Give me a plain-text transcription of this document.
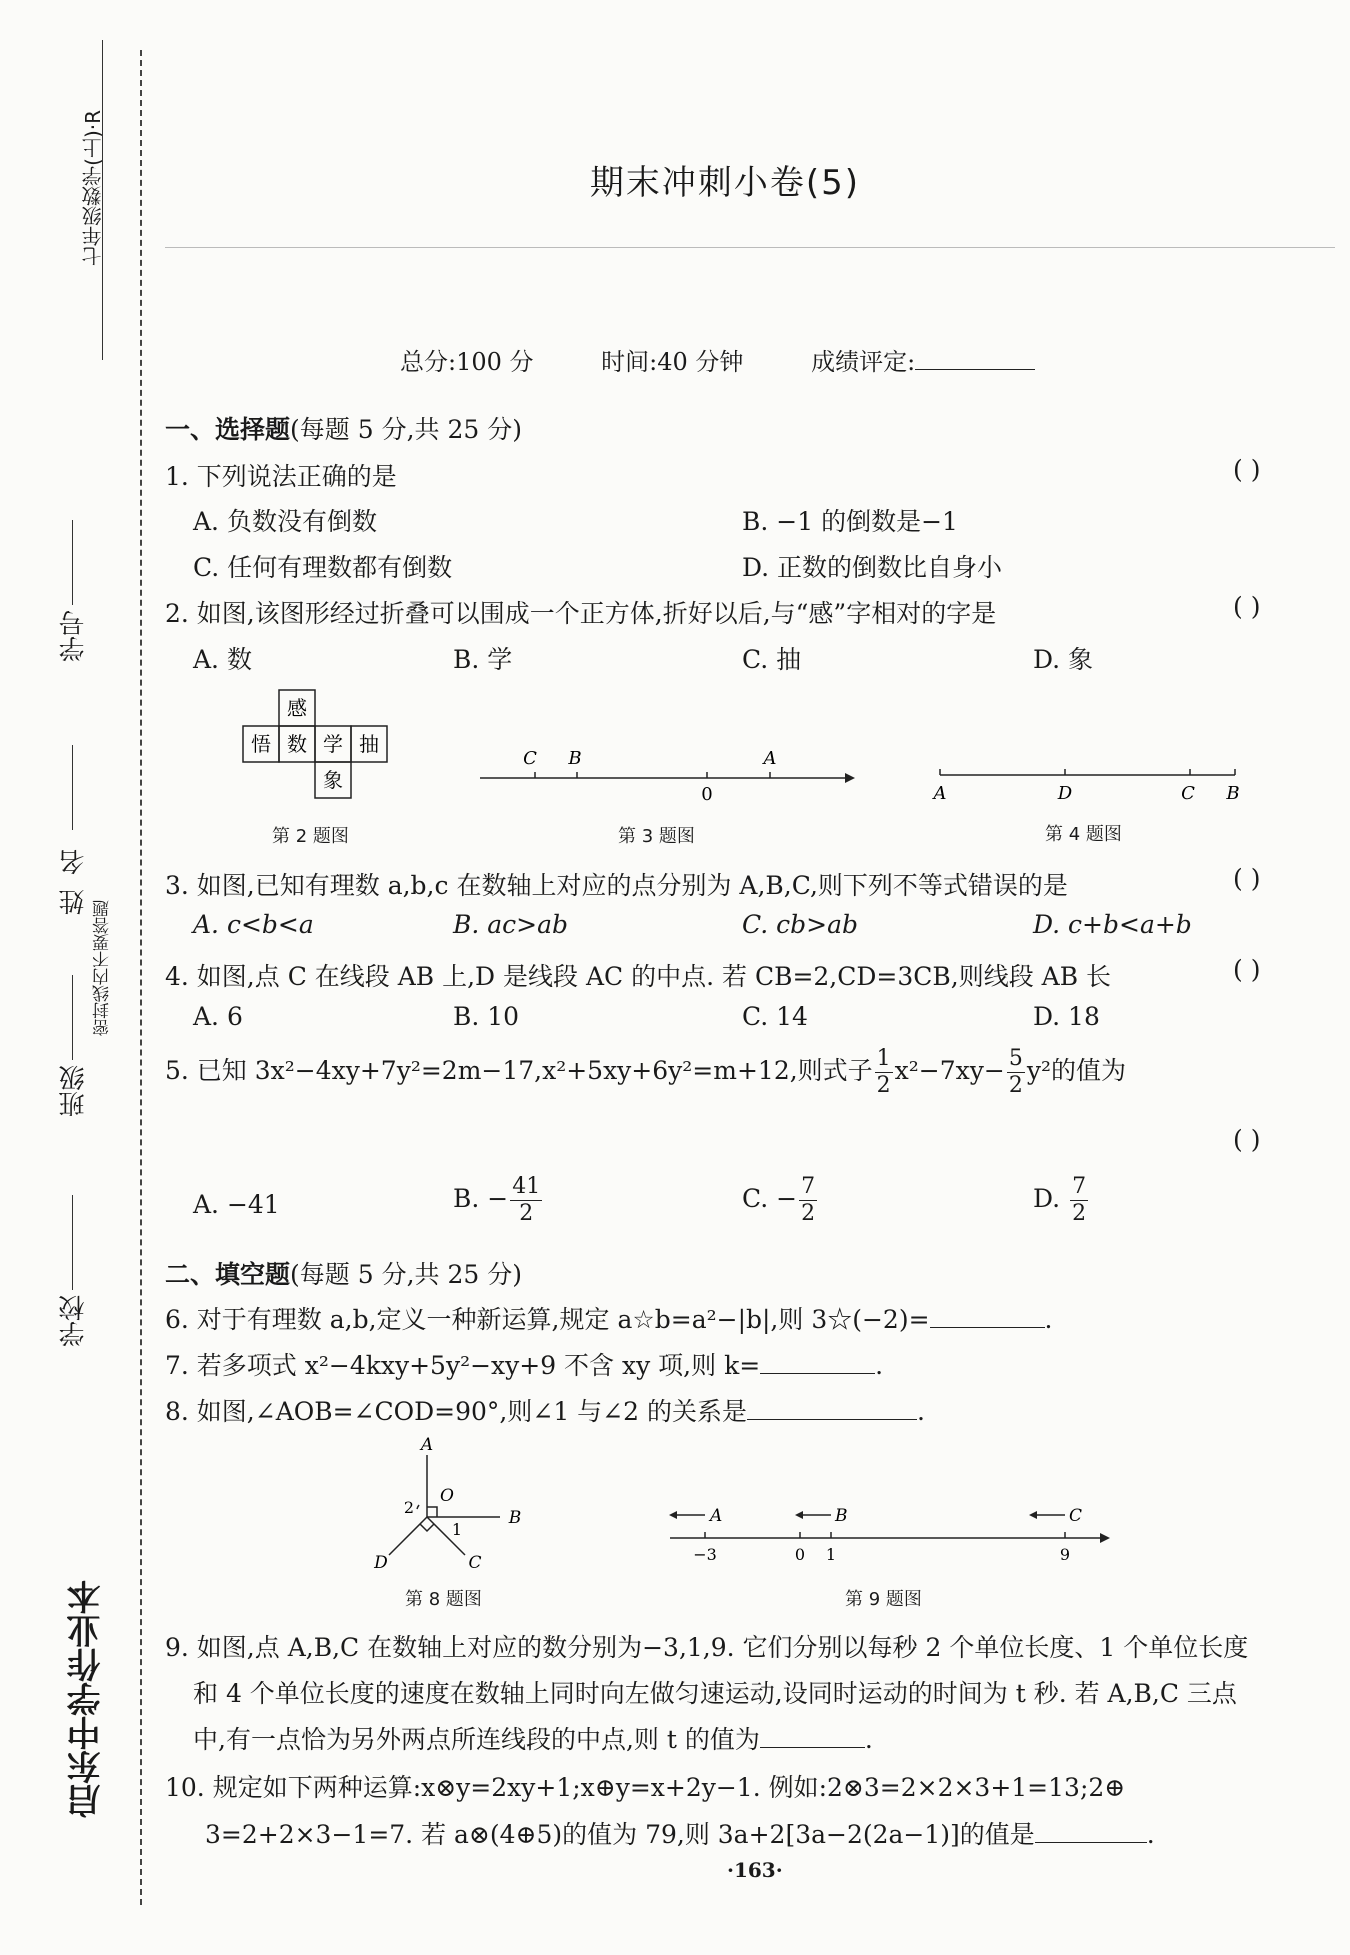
七年级数学(上)·R
学号
姓名
密封线内不要答题
班级
学校
启东中学作业本
期末冲刺小卷(5)
总分:100 分	时间:40 分钟	成绩评定:
一、选择题(每题 5 分,共 25 分)
1. 下列说法正确的是	( )
A. 负数没有倒数	B. −1 的倒数是−1
C. 任何有理数都有倒数	D. 正数的倒数比自身小
2. 如图,该图形经过折叠可以围成一个正方体,折好以后,与“感”字相对的字是	( )
A. 数	B. 学	C. 抽	D. 象
感
悟 数 学 抽
象
第 2 题图
C B	A
0
第 3 题图
A	D	C B
第 4 题图
3. 如图,已知有理数 a,b,c 在数轴上对应的点分别为 A,B,C,则下列不等式错误的是	( )
A. c<b<a	B. ac>ab	C. cb>ab	D. c+b<a+b
4. 如图,点 C 在线段 AB 上,D 是线段 AC 的中点. 若 CB=2,CD=3CB,则线段 AB 长	( )
A. 6	B. 10	C. 14	D. 18
5. 已知 3x²−4xy+7y²=2m−17,x²+5xy+6y²=m+12,则式子 $\frac{1}{2} x^2-7xy- \frac{5}{2} y^2$的值为
( )
A. −41	B. − $\frac{41}{2}$	C. − $\frac{7}{2}$	D. $\frac{7}{2}$
二、填空题(每题 5 分,共 25 分)
6. 对于有理数 a,b,定义一种新运算,规定 a☆b=a²−|b|,则 3☆(−2)=	.
7. 若多项式 x²−4kxy+5y²−xy+9 不含 xy 项,则 k=	.
8. 如图,∠AOB=∠COD=90°,则∠1 与∠2 的关系是	.
A
O
B
C
D
1
2
第 8 题图
A	B	C
−3	0 1	9
第 9 题图
9. 如图,点 A,B,C 在数轴上对应的数分别为−3,1,9. 它们分别以每秒 2 个单位长度、1 个单位长度
和 4 个单位长度的速度在数轴上同时向左做匀速运动,设同时运动的时间为 t 秒. 若 A,B,C 三点
中,有一点恰为另外两点所连线段的中点,则 t 的值为	.
10. 规定如下两种运算:x⊗y=2xy+1;x⊕y=x+2y−1. 例如:2⊗3=2×2×3+1=13;2⊕
3=2+2×3−1=7. 若 a⊗(4⊕5)的值为 79,则 3a+2[3a−2(2a−1)]的值是	.
·163·
